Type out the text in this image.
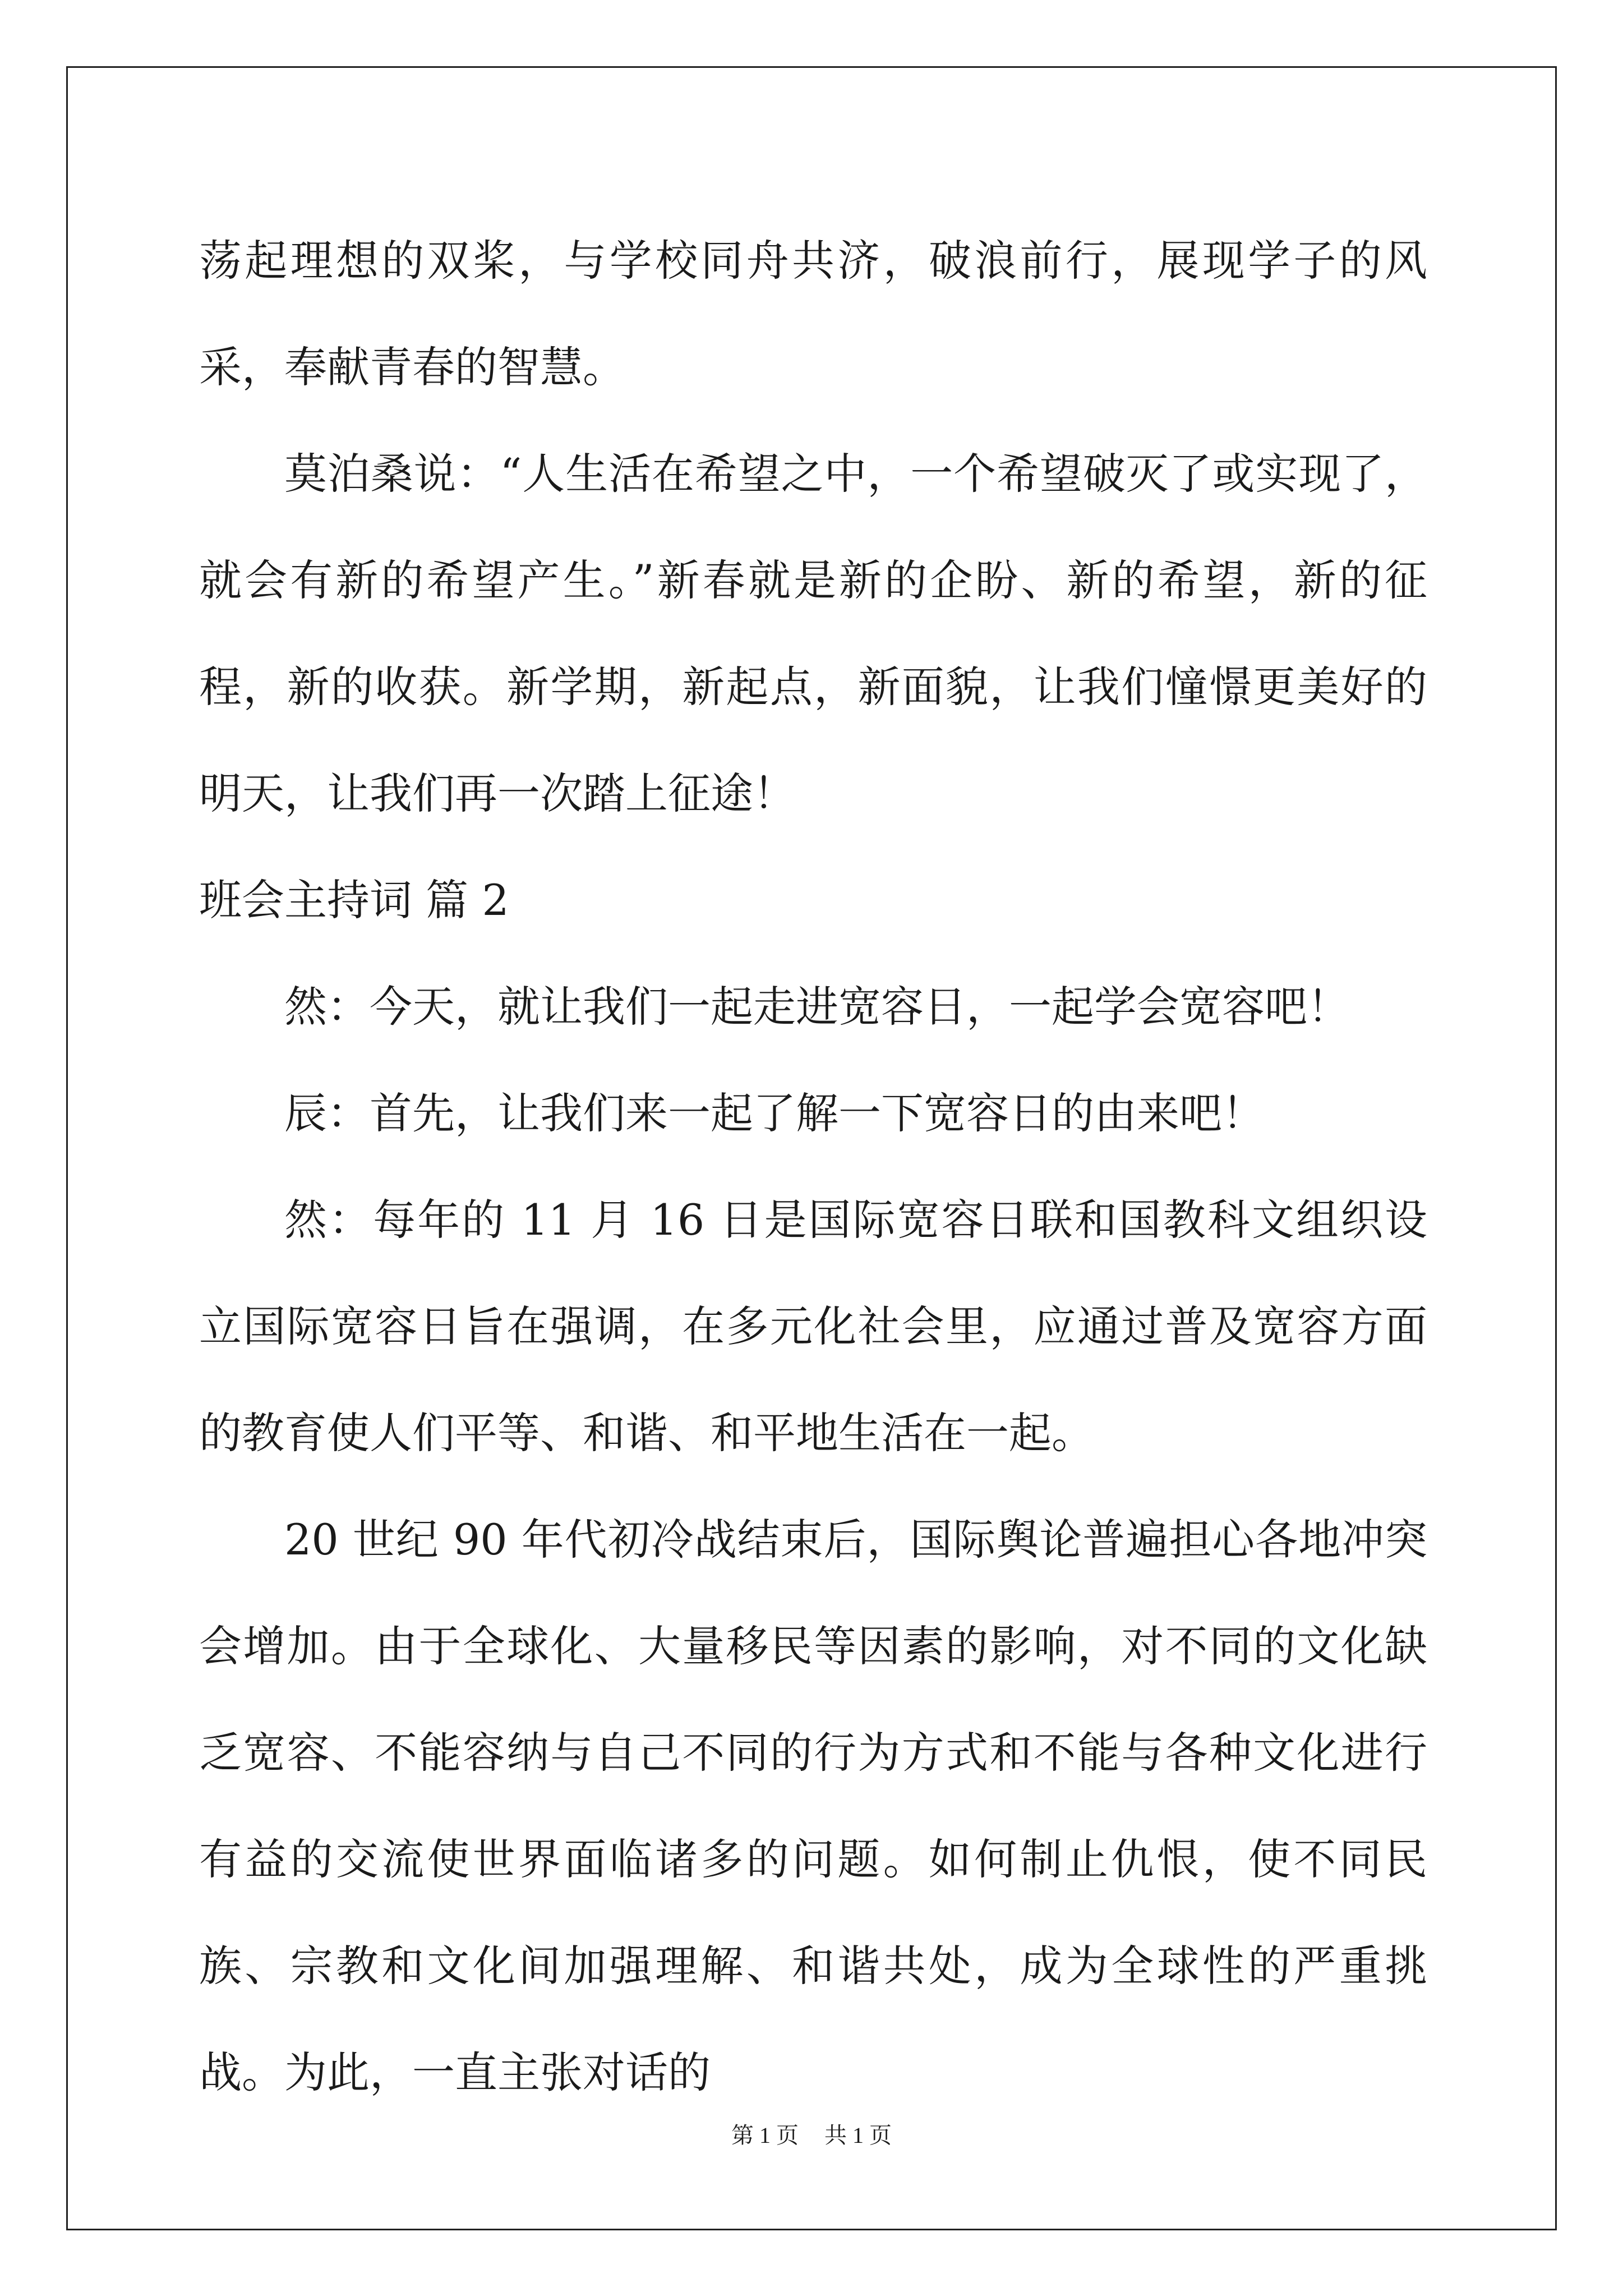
荡起理想的双桨，与学校同舟共济，破浪前行，展现学子的风采，奉献青春的智慧。

莫泊桑说：“人生活在希望之中，一个希望破灭了或实现了，就会有新的希望产生。”新春就是新的企盼、新的希望，新的征程，新的收获。新学期，新起点，新面貌，让我们憧憬更美好的明天，让我们再一次踏上征途！

班会主持词 篇 2

然：今天，就让我们一起走进宽容日，一起学会宽容吧！

辰：首先，让我们来一起了解一下宽容日的由来吧！

然：每年的 11 月 16 日是国际宽容日联和国教科文组织设立国际宽容日旨在强调，在多元化社会里，应通过普及宽容方面的教育使人们平等、和谐、和平地生活在一起。

20 世纪 90 年代初冷战结束后，国际舆论普遍担心各地冲突会增加。由于全球化、大量移民等因素的影响，对不同的文化缺乏宽容、不能容纳与自己不同的行为方式和不能与各种文化进行有益的交流使世界面临诸多的问题。如何制止仇恨，使不同民族、宗教和文化间加强理解、和谐共处，成为全球性的严重挑战。为此，一直主张对话的

第 1 页 共 1 页
